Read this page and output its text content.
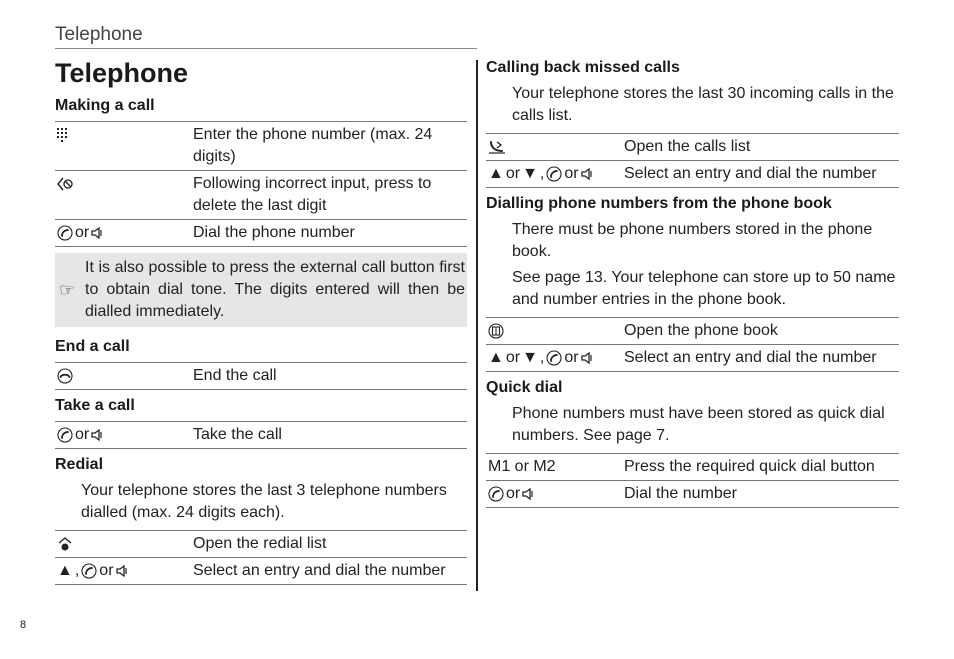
Telephone
Telephone
Making a call
	Enter the phone number (max. 24 digits)

	Following incorrect input, press to delete the last digit

or	Dial the phone number
☞
It is also possible to press the external call button first to obtain dial tone. The digits entered will then be dialled immediately.
End a call
	End the call
Take a call
or	Take the call
Redial
Your telephone stores the last 3 telephone numbers dialled (max. 24 digits each).
	Open the redial list
▲ , or	Select an entry and dial the number
Calling back missed calls
Your telephone stores the last 30 incoming calls in the calls list.
	Open the calls list
▲ or ▼ , or	Select an entry and dial the number
Dialling phone numbers from the phone book
There must be phone numbers stored in the phone book.
See page 13. Your telephone can store up to 50 name and number entries in the phone book.
	Open the phone book
▲ or ▼ , or	Select an entry and dial the number
Quick dial
Phone numbers must have been stored as quick dial numbers. See page 7.
M1 or M2	Press the required quick dial button

or	Dial the number
8
